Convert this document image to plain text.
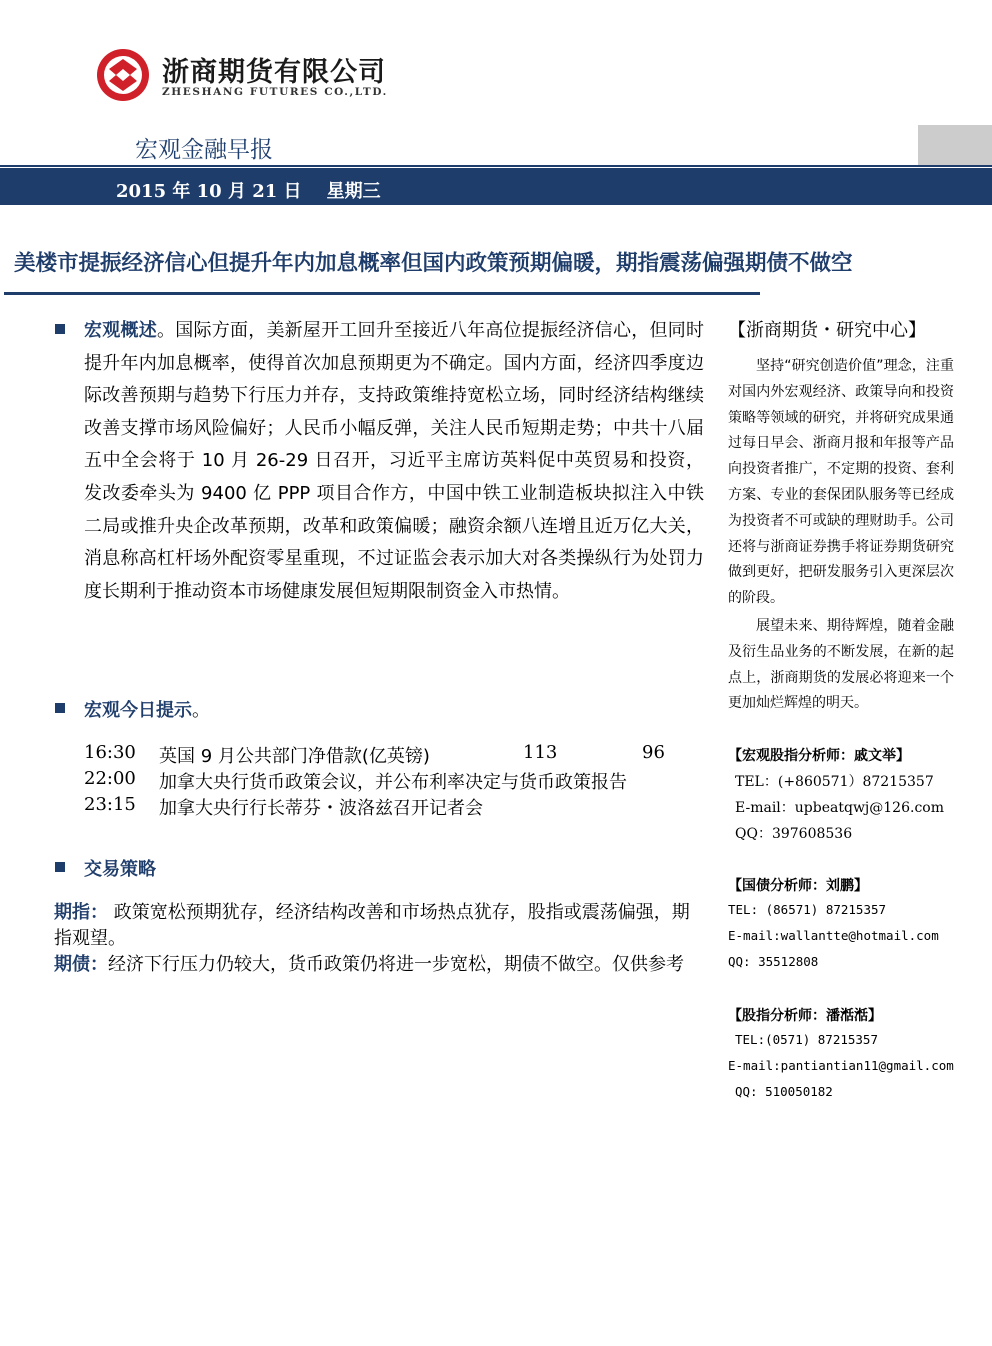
浙商期货有限公司
ZHESHANG FUTURES CO.,LTD.
宏观金融早报
2015 年 10 月 21 日    星期三
美楼市提振经济信心但提升年内加息概率但国内政策预期偏暖，期指震荡偏强期债不做空
宏观概述。国际方面，美新屋开工回升至接近八年高位提振经济信心，但同时提升年内加息概率，使得首次加息预期更为不确定。国内方面，经济四季度边际改善预期与趋势下行压力并存，支持政策维持宽松立场，同时经济结构继续改善支撑市场风险偏好；人民币小幅反弹，关注人民币短期走势；中共十八届五中全会将于 10 月 26-29 日召开，习近平主席访英料促中英贸易和投资，发改委牵头为 9400 亿 PPP 项目合作方，中国中铁工业制造板块拟注入中铁二局或推升央企改革预期，改革和政策偏暖；融资余额八连增且近万亿大关，消息称高杠杆场外配资零星重现，不过证监会表示加大对各类操纵行为处罚力度长期利于推动资本市场健康发展但短期限制资金入市热情。
宏观今日提示。
16:30 英国 9 月公共部门净借款(亿英镑)	113	96
22:00 加拿大央行货币政策会议，并公布利率决定与货币政策报告
23:15 加拿大央行行长蒂芬・波洛兹召开记者会
交易策略
期指： 政策宽松预期犹存，经济结构改善和市场热点犹存，股指或震荡偏强，期指观望。
期债：经济下行压力仍较大，货币政策仍将进一步宽松，期债不做空。仅供参考
【浙商期货・研究中心】
坚持“研究创造价值”理念，注重对国内外宏观经济、政策导向和投资策略等领域的研究，并将研究成果通过每日早会、浙商月报和年报等产品向投资者推广，不定期的投资、套利方案、专业的套保团队服务等已经成为投资者不可或缺的理财助手。公司还将与浙商证券携手将证券期货研究做到更好，把研发服务引入更深层次的阶段。
展望未来、期待辉煌，随着金融及衍生品业务的不断发展，在新的起点上，浙商期货的发展必将迎来一个更加灿烂辉煌的明天。
【宏观股指分析师：戚文举】
TEL：(+860571）87215357
E-mail：upbeatqwj@126.com
QQ：397608536
【国债分析师：刘鹏】
TEL: (86571) 87215357
E-mail:wallantte@hotmail.com
QQ: 35512808
【股指分析师：潘湉湉】
TEL:(0571) 87215357
E-mail:pantiantian11@gmail.com
QQ: 510050182
